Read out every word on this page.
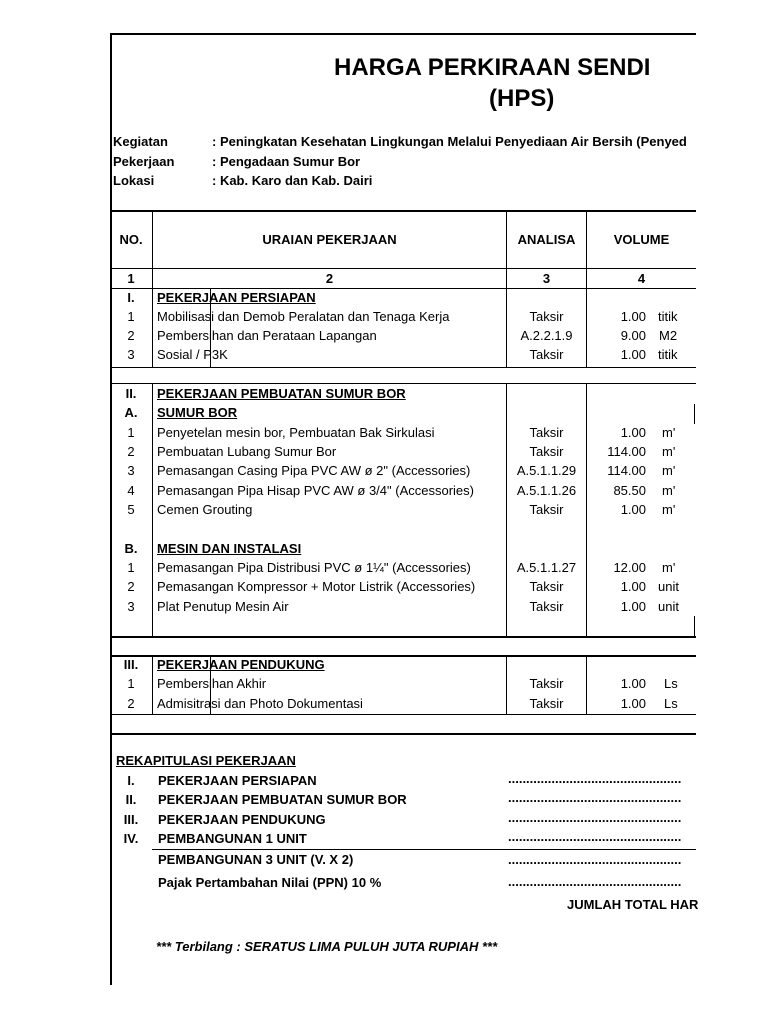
HARGA PERKIRAAN SENDI
(HPS)
Kegiatan	: Peningkatan Kesehatan Lingkungan Melalui Penyediaan Air Bersih (Penyed
Pekerjaan	: Pengadaan Sumur Bor
Lokasi	: Kab. Karo dan Kab. Dairi
NO.	URAIAN PEKERJAAN	ANALISA	VOLUME
1	2	3	4
I.	PEKERJAAN PERSIAPAN
1	Mobilisasi dan Demob Peralatan dan Tenaga Kerja	Taksir	1.00 titik
2	Pembersihan dan Perataan Lapangan	A.2.2.1.9	9.00 M2
3	Sosial / P3K	Taksir	1.00 titik
II.	PEKERJAAN PEMBUATAN SUMUR BOR
A.	SUMUR BOR
1	Penyetelan mesin bor, Pembuatan Bak Sirkulasi	Taksir	1.00 m'
2	Pembuatan Lubang Sumur Bor	Taksir	114.00 m'
3	Pemasangan Casing Pipa PVC AW ø 2" (Accessories)	A.5.1.1.29	114.00 m'
4	Pemasangan Pipa Hisap PVC AW ø 3/4" (Accessories)	A.5.1.1.26	85.50 m'
5	Cemen Grouting	Taksir	1.00 m'
B.	MESIN DAN INSTALASI
1	Pemasangan Pipa Distribusi PVC ø 1¼" (Accessories)	A.5.1.1.27	12.00 m'
2	Pemasangan Kompressor + Motor Listrik (Accessories)	Taksir	1.00 unit
3	Plat Penutup Mesin Air	Taksir	1.00 unit
III.	PEKERJAAN PENDUKUNG
1	Pembersihan Akhir	Taksir	1.00 Ls
2	Admisitrasi dan Photo Dokumentasi	Taksir	1.00 Ls
REKAPITULASI PEKERJAAN
I.	PEKERJAAN PERSIAPAN	................................................
II.	PEKERJAAN PEMBUATAN SUMUR BOR	................................................
III.	PEKERJAAN PENDUKUNG	................................................
IV.	PEMBANGUNAN 1 UNIT	................................................
PEMBANGUNAN 3 UNIT (V. X 2)	................................................
Pajak Pertambahan Nilai (PPN) 10 %	................................................
JUMLAH TOTAL HAR
*** Terbilang : SERATUS LIMA PULUH JUTA RUPIAH ***
